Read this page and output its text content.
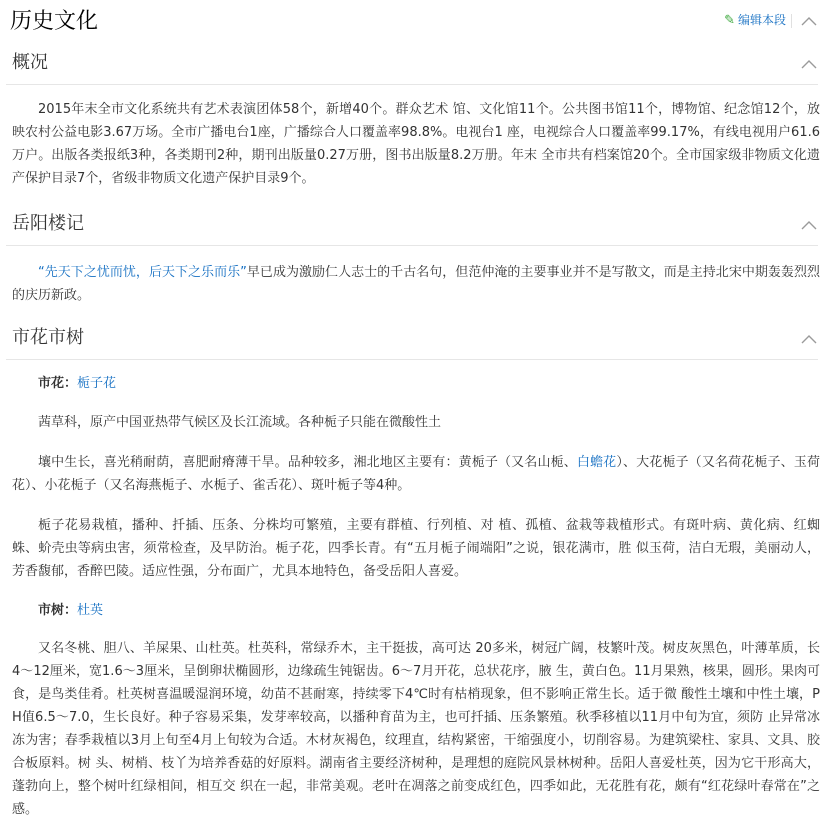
历史文化	✎ 编辑本段
概况

2015年末全市文化系统共有艺术表演团体58个，新增40个。群众艺术 馆、文化馆11个。公共图书馆11个，博物馆、纪念馆12个，放映农村公益电影3.67万场。全市广播电台1座，广播综合人口覆盖率98.8%。电视台1 座，电视综合人口覆盖率99.17%，有线电视用户61.6万户。出版各类报纸3种，各类期刊2种，期刊出版量0.27万册，图书出版量8.2万册。年末 全市共有档案馆20个。全市国家级非物质文化遗产保护目录7个，省级非物质文化遗产保护目录9个。

岳阳楼记

“先天下之忧而忧，后天下之乐而乐”早已成为激励仁人志士的千古名句，但范仲淹的主要事业并不是写散文，而是主持北宋中期轰轰烈烈的庆历新政。

市花市树

市花：栀子花

茜草科，原产中国亚热带气候区及长江流域。各种栀子只能在微酸性土

壤中生长，喜光稍耐荫，喜肥耐瘠薄干旱。品种较多，湘北地区主要有：黄栀子（又名山栀、白蟾花）、大花栀子（又名荷花栀子、玉荷花）、小花栀子（又名海燕栀子、水栀子、雀舌花）、斑叶栀子等4种。

栀子花易栽植，播种、扦插、压条、分株均可繁殖，主要有群植、行列植、对 植、孤植、盆栽等栽植形式。有斑叶病、黄化病、红蜘蛛、蚧壳虫等病虫害，须常检查，及早防治。栀子花，四季长青。有“五月栀子闹端阳”之说，银花满市，胜 似玉荷，洁白无瑕，美丽动人，芳香馥郁，香醉巴陵。适应性强，分布面广，尤具本地特色，备受岳阳人喜爱。

市树：杜英

又名冬桃、胆八、羊屎果、山杜英。杜英科，常绿乔木，主干挺拔，高可达 20多米，树冠广阔，枝繁叶茂。树皮灰黑色，叶薄革质，长4～12厘米，宽1.6～3厘米，呈倒卵状椭圆形，边缘疏生钝锯齿。6～7月开花，总状花序，腋 生，黄白色。11月果熟，核果，圆形。果肉可食，是鸟类佳肴。杜英树喜温暖湿润环境，幼苗不甚耐寒，持续零下4℃时有枯梢现象，但不影响正常生长。适于微 酸性土壤和中性土壤，PH值6.5～7.0，生长良好。种子容易采集，发芽率较高，以播种育苗为主，也可扦插、压条繁殖。秋季移植以11月中旬为宜，须防 止异常冰冻为害；春季栽植以3月上旬至4月上旬较为合适。木材灰褐色，纹理直，结构紧密，干缩强度小，切削容易。为建筑梁柱、家具、文具、胶合板原料。树 头、树梢、枝丫为培养香菇的好原料。湖南省主要经济树种，是理想的庭院风景林树种。岳阳人喜爱杜英，因为它干形高大，蓬勃向上，整个树叶红绿相间，相互交 织在一起，非常美观。老叶在凋落之前变成红色，四季如此，无花胜有花，颇有“红花绿叶春常在”之感。
